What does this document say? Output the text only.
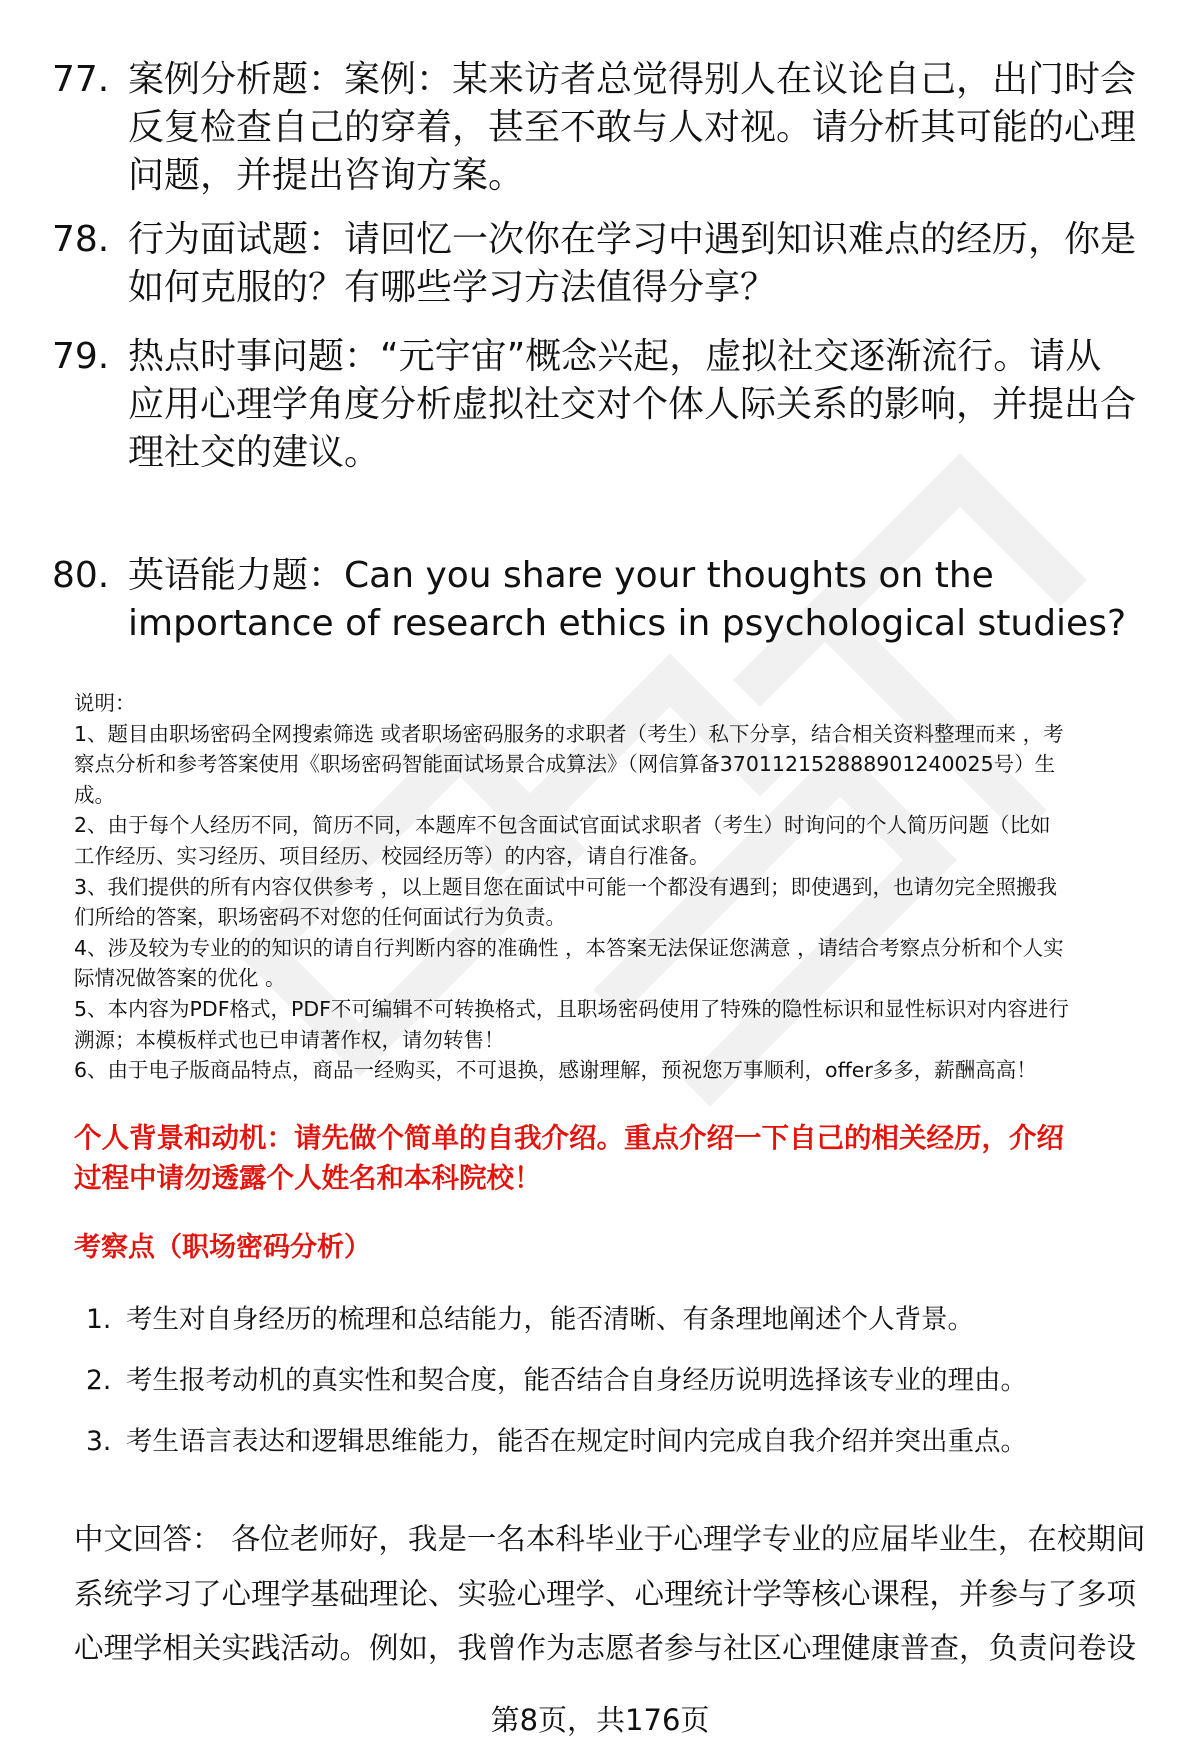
77. 案例分析题：案例：某来访者总觉得别人在议论自己，出门时会
反复检查自己的穿着，甚至不敢与人对视。请分析其可能的心理
问题，并提出咨询方案。
78. 行为面试题：请回忆一次你在学习中遇到知识难点的经历，你是
如何克服的？有哪些学习方法值得分享？
79. 热点时事问题：“元宇宙”概念兴起，虚拟社交逐渐流行。请从
应用心理学角度分析虚拟社交对个体人际关系的影响，并提出合
理社交的建议。
80. 英语能力题：Can you share your thoughts on the
importance of research ethics in psychological studies?

说明：

1、题目由职场密码全网搜索筛选 或者职场密码服务的求职者（考生）私下分享，结合相关资料整理而来 ，考

察点分析和参考答案使用《职场密码智能面试场景合成算法》（网信算备370112152888901240025号）生

成。

2、由于每个人经历不同，简历不同，本题库不包含面试官面试求职者（考生）时询问的个人简历问题（比如

工作经历、实习经历、项目经历、校园经历等）的内容，请自行准备。

3、我们提供的所有内容仅供参考 ，以上题目您在面试中可能一个都没有遇到；即使遇到，也请勿完全照搬我

们所给的答案，职场密码不对您的任何面试行为负责。

4、涉及较为专业的的知识的请自行判断内容的准确性 ，本答案无法保证您满意 ，请结合考察点分析和个人实

际情况做答案的优化 。

5、本内容为PDF格式，PDF不可编辑不可转换格式，且职场密码使用了特殊的隐性标识和显性标识对内容进行

溯源；本模板样式也已申请著作权，请勿转售！

6、由于电子版商品特点，商品一经购买，不可退换，感谢理解，预祝您万事顺利，offer多多，薪酬高高！

个人背景和动机：请先做个简单的自我介绍。重点介绍一下自己的相关经历，介绍
过程中请勿透露个人姓名和本科院校！
考察点（职场密码分析）
1. 考生对自身经历的梳理和总结能力，能否清晰、有条理地阐述个人背景。
2. 考生报考动机的真实性和契合度，能否结合自身经历说明选择该专业的理由。
3. 考生语言表达和逻辑思维能力，能否在规定时间内完成自我介绍并突出重点。

中文回答： 各位老师好，我是一名本科毕业于心理学专业的应届毕业生，在校期间

系统学习了心理学基础理论、实验心理学、心理统计学等核心课程，并参与了多项

心理学相关实践活动。例如，我曾作为志愿者参与社区心理健康普查，负责问卷设

第8页，共176页
